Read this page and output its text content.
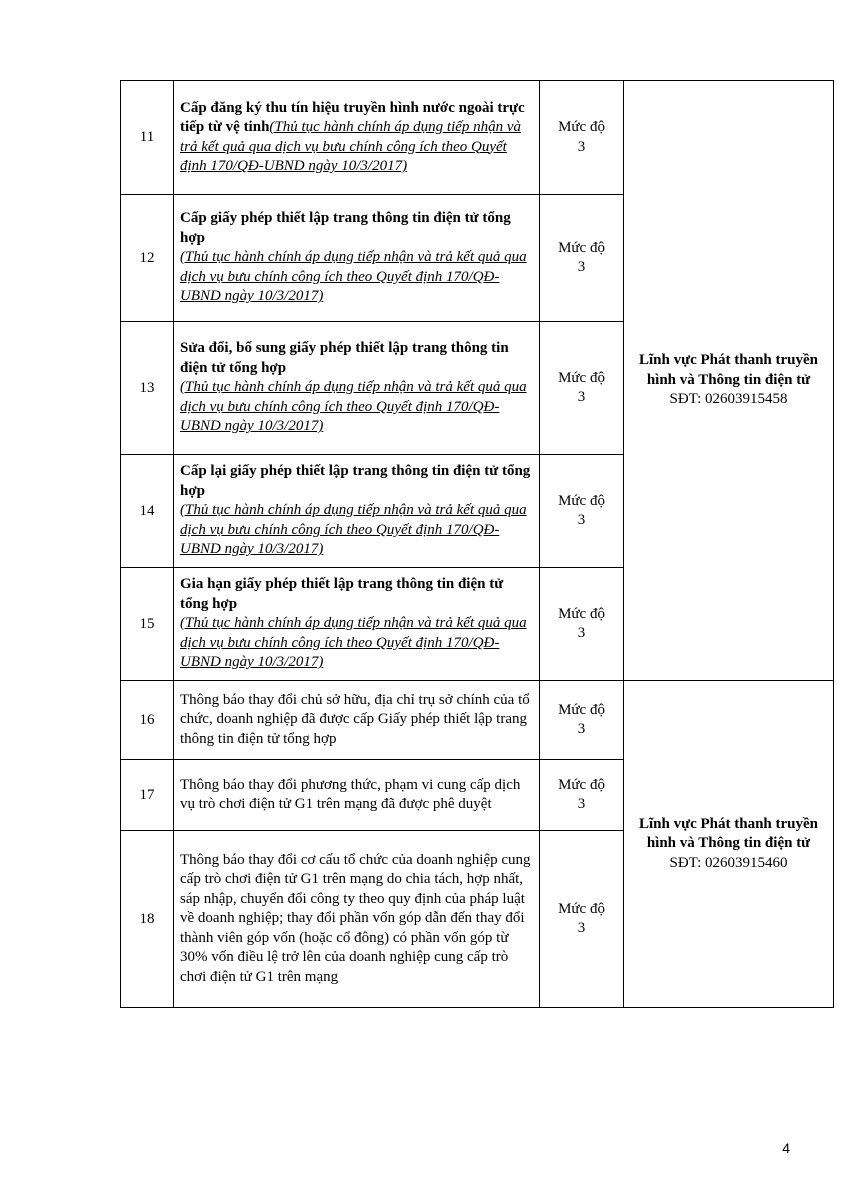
11	Cấp đăng ký thu tín hiệu truyền hình nước ngoài trực tiếp từ vệ tinh(Thủ tục hành chính áp dụng tiếp nhận và trả kết quả qua dịch vụ bưu chính công ích theo Quyết định 170/QĐ-UBND ngày 10/3/2017)	Mức độ
3	Lĩnh vực Phát thanh truyền hình và Thông tin điện tử
SĐT: 02603915458

12	Cấp giấy phép thiết lập trang thông tin điện tử tổng hợp
(Thủ tục hành chính áp dụng tiếp nhận và trả kết quả qua dịch vụ bưu chính công ích theo Quyết định 170/QĐ-UBND ngày 10/3/2017)	Mức độ
3	

13	Sửa đổi, bổ sung giấy phép thiết lập trang thông tin điện tử tổng hợp
(Thủ tục hành chính áp dụng tiếp nhận và trả kết quả qua dịch vụ bưu chính công ích theo Quyết định 170/QĐ-UBND ngày 10/3/2017)	Mức độ
3	

14	Cấp lại giấy phép thiết lập trang thông tin điện tử tổng hợp
(Thủ tục hành chính áp dụng tiếp nhận và trả kết quả qua dịch vụ bưu chính công ích theo Quyết định 170/QĐ-UBND ngày 10/3/2017)	Mức độ
3	

15	Gia hạn giấy phép thiết lập trang thông tin điện tử tổng hợp
(Thủ tục hành chính áp dụng tiếp nhận và trả kết quả qua dịch vụ bưu chính công ích theo Quyết định 170/QĐ-UBND ngày 10/3/2017)	Mức độ
3	

16	Thông báo thay đổi chủ sở hữu, địa chỉ trụ sở chính của tổ chức, doanh nghiệp đã được cấp Giấy phép thiết lập trang thông tin điện tử tổng hợp	Mức độ
3	Lĩnh vực Phát thanh truyền hình và Thông tin điện tử
SĐT: 02603915460

17	Thông báo thay đổi phương thức, phạm vi cung cấp dịch vụ trò chơi điện tử G1 trên mạng đã được phê duyệt	Mức độ
3	

18	Thông báo thay đổi cơ cấu tổ chức của doanh nghiệp cung cấp trò chơi điện tử G1 trên mạng do chia tách, hợp nhất, sáp nhập, chuyển đổi công ty theo quy định của pháp luật về doanh nghiệp; thay đổi phần vốn góp dẫn đến thay đổi thành viên góp vốn (hoặc cổ đông) có phần vốn góp từ 30% vốn điều lệ trở lên của doanh nghiệp cung cấp trò chơi điện tử G1 trên mạng	Mức độ
3	
4
